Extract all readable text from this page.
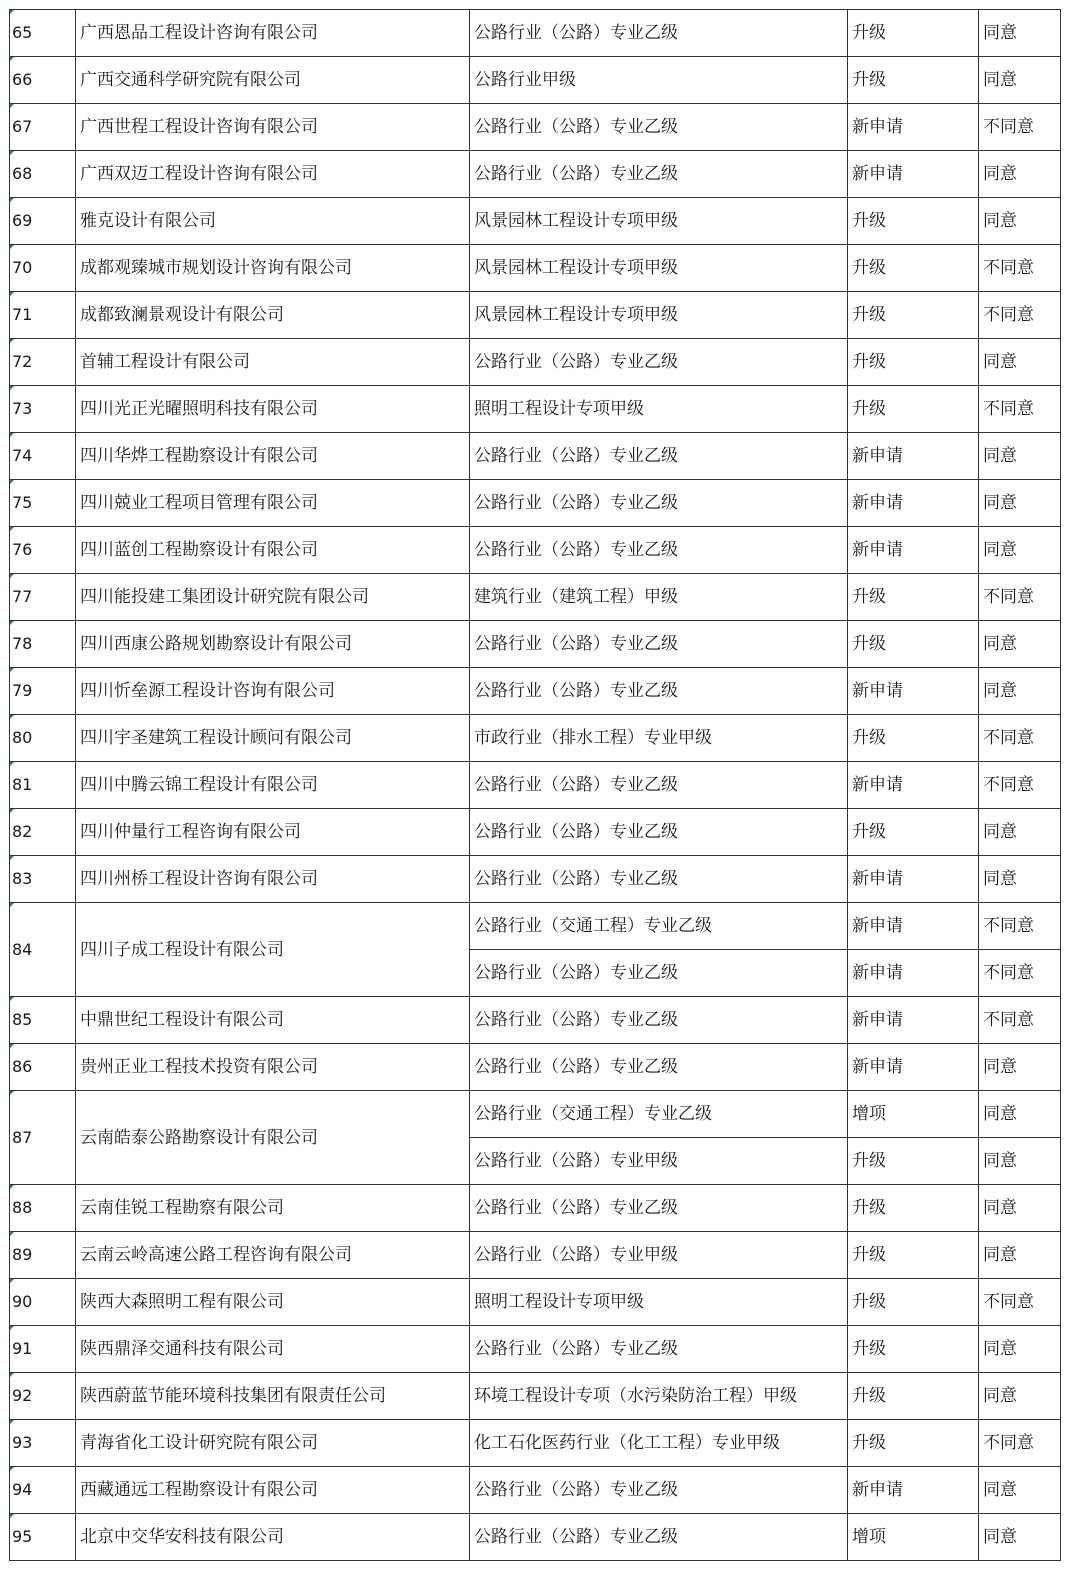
65	广西恩品工程设计咨询有限公司	公路行业（公路）专业乙级	升级	同意
66	广西交通科学研究院有限公司	公路行业甲级	升级	同意
67	广西世程工程设计咨询有限公司	公路行业（公路）专业乙级	新申请	不同意
68	广西双迈工程设计咨询有限公司	公路行业（公路）专业乙级	新申请	同意
69	雅克设计有限公司	风景园林工程设计专项甲级	升级	同意
70	成都观臻城市规划设计咨询有限公司	风景园林工程设计专项甲级	升级	不同意
71	成都致澜景观设计有限公司	风景园林工程设计专项甲级	升级	不同意
72	首辅工程设计有限公司	公路行业（公路）专业乙级	升级	同意
73	四川光正光曜照明科技有限公司	照明工程设计专项甲级	升级	不同意
74	四川华烨工程勘察设计有限公司	公路行业（公路）专业乙级	新申请	同意
75	四川兢业工程项目管理有限公司	公路行业（公路）专业乙级	新申请	同意
76	四川蓝创工程勘察设计有限公司	公路行业（公路）专业乙级	新申请	同意
77	四川能投建工集团设计研究院有限公司	建筑行业（建筑工程）甲级	升级	不同意
78	四川西康公路规划勘察设计有限公司	公路行业（公路）专业乙级	升级	同意
79	四川忻垒源工程设计咨询有限公司	公路行业（公路）专业乙级	新申请	同意
80	四川宇圣建筑工程设计顾问有限公司	市政行业（排水工程）专业甲级	升级	不同意
81	四川中腾云锦工程设计有限公司	公路行业（公路）专业乙级	新申请	不同意
82	四川仲量行工程咨询有限公司	公路行业（公路）专业乙级	升级	同意
83	四川州桥工程设计咨询有限公司	公路行业（公路）专业乙级	新申请	同意
84	四川子成工程设计有限公司	公路行业（交通工程）专业乙级	新申请	不同意
		公路行业（公路）专业乙级	新申请	不同意
85	中鼎世纪工程设计有限公司	公路行业（公路）专业乙级	新申请	不同意
86	贵州正业工程技术投资有限公司	公路行业（公路）专业乙级	新申请	同意
87	云南皓泰公路勘察设计有限公司	公路行业（交通工程）专业乙级	增项	同意
		公路行业（公路）专业甲级	升级	同意
88	云南佳锐工程勘察有限公司	公路行业（公路）专业乙级	升级	同意
89	云南云岭高速公路工程咨询有限公司	公路行业（公路）专业甲级	升级	同意
90	陕西大森照明工程有限公司	照明工程设计专项甲级	升级	不同意
91	陕西鼎泽交通科技有限公司	公路行业（公路）专业乙级	升级	同意
92	陕西蔚蓝节能环境科技集团有限责任公司	环境工程设计专项（水污染防治工程）甲级	升级	同意
93	青海省化工设计研究院有限公司	化工石化医药行业（化工工程）专业甲级	升级	不同意
94	西藏通远工程勘察设计有限公司	公路行业（公路）专业乙级	新申请	同意
95	北京中交华安科技有限公司	公路行业（公路）专业乙级	增项	同意
